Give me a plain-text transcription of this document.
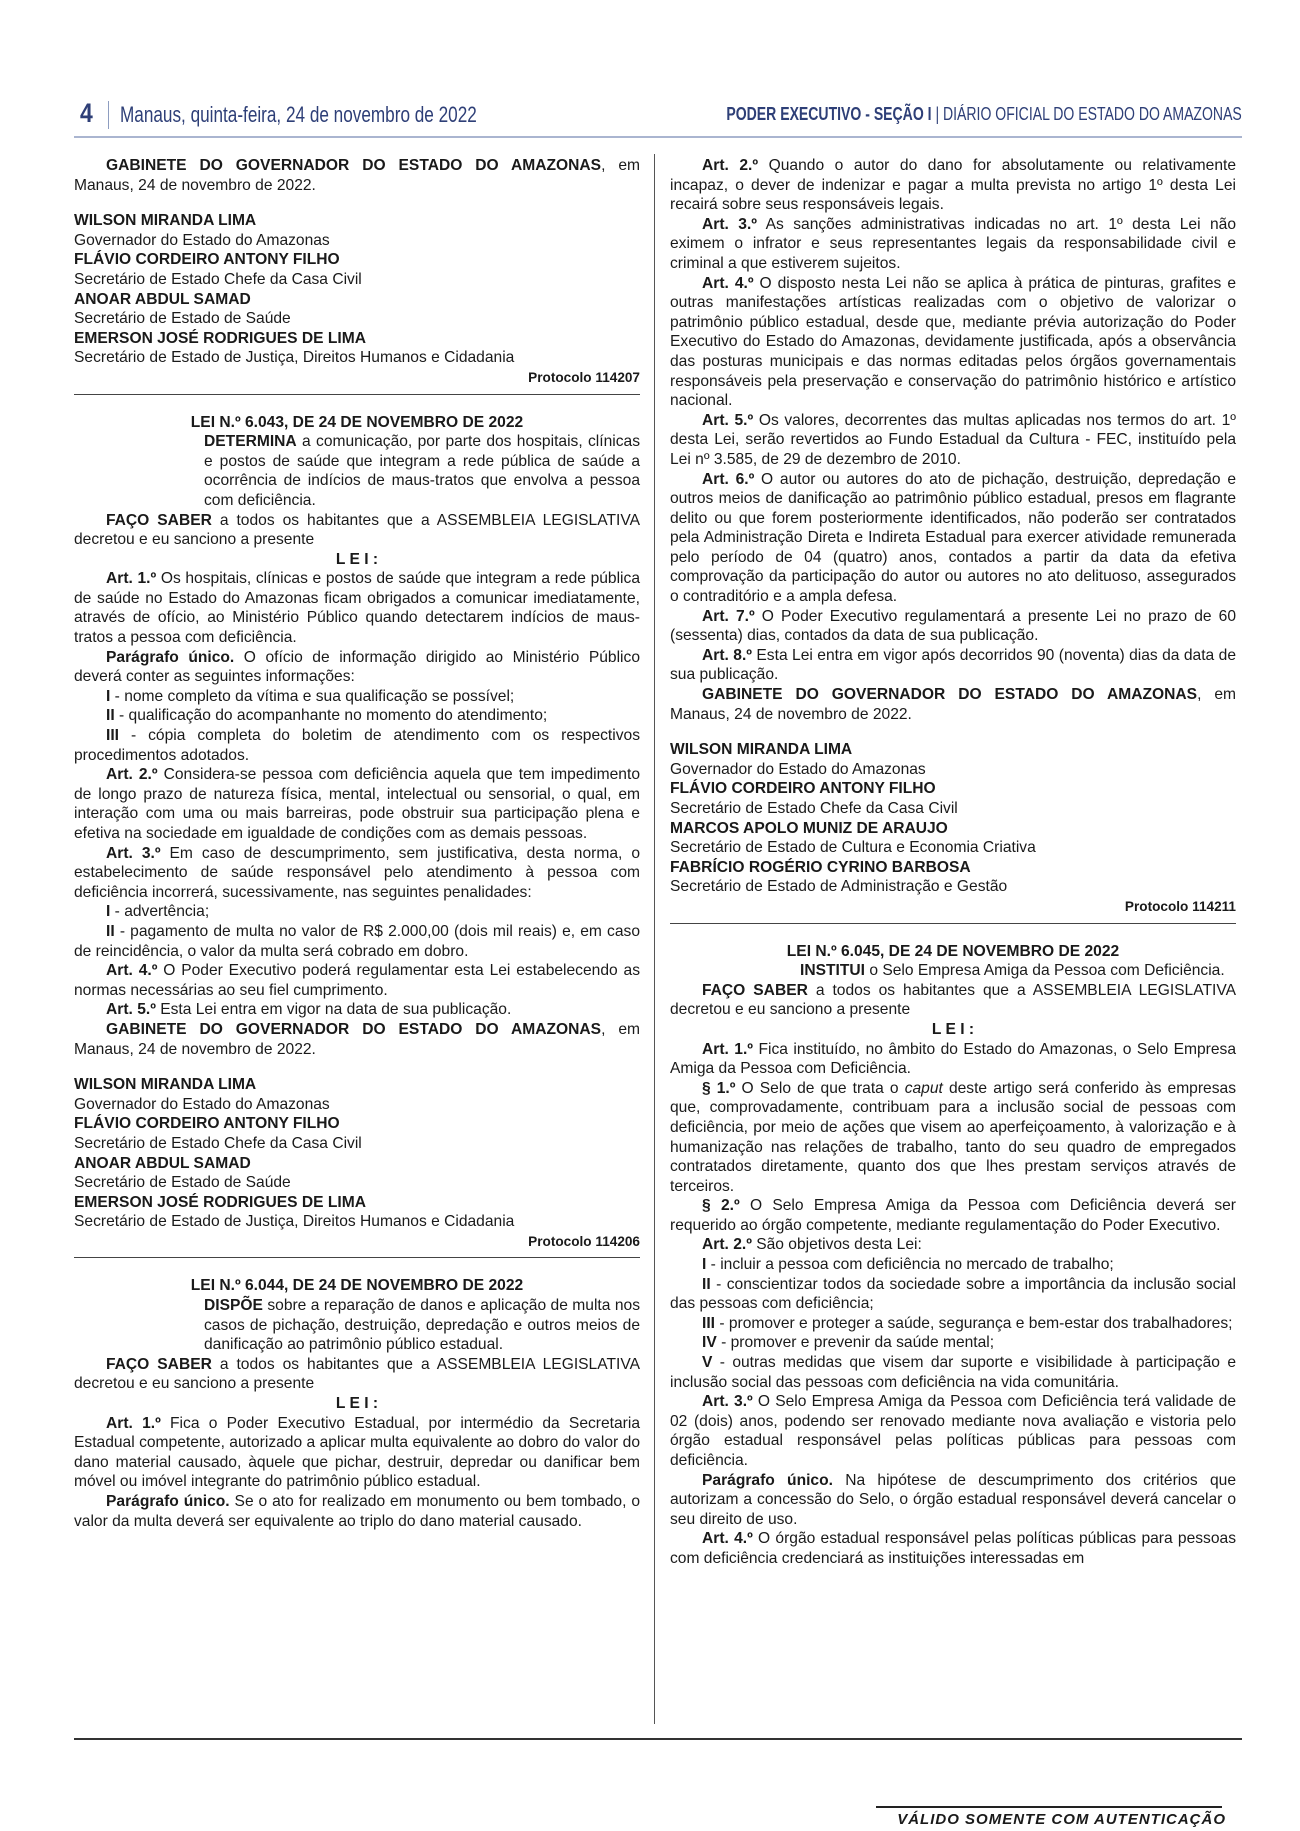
4 Manaus, quinta-feira, 24 de novembro de 2022	PODER EXECUTIVO - SEÇÃO I | DIÁRIO OFICIAL DO ESTADO DO AMAZONAS

GABINETE DO GOVERNADOR DO ESTADO DO AMAZONAS, em Manaus, 24 de novembro de 2022.

WILSON MIRANDA LIMA

Governador do Estado do Amazonas

FLÁVIO CORDEIRO ANTONY FILHO

Secretário de Estado Chefe da Casa Civil

ANOAR ABDUL SAMAD

Secretário de Estado de Saúde

EMERSON JOSÉ RODRIGUES DE LIMA

Secretário de Estado de Justiça, Direitos Humanos e Cidadania

Protocolo 114207

LEI N.º 6.043, DE 24 DE NOVEMBRO DE 2022

DETERMINA a comunicação, por parte dos hospitais, clínicas e postos de saúde que integram a rede pública de saúde a ocorrência de indícios de maus-tratos que envolva a pessoa com deficiência.

FAÇO SABER a todos os habitantes que a ASSEMBLEIA LEGISLATIVA decretou e eu sanciono a presente

L E I :

Art. 1.º Os hospitais, clínicas e postos de saúde que integram a rede pública de saúde no Estado do Amazonas ficam obrigados a comunicar imediatamente, através de ofício, ao Ministério Público quando detectarem indícios de maus-tratos a pessoa com deficiência.

Parágrafo único. O ofício de informação dirigido ao Ministério Público deverá conter as seguintes informações:

I - nome completo da vítima e sua qualificação se possível;

II - qualificação do acompanhante no momento do atendimento;

III - cópia completa do boletim de atendimento com os respectivos procedimentos adotados.

Art. 2.º Considera-se pessoa com deficiência aquela que tem impedimento de longo prazo de natureza física, mental, intelectual ou sensorial, o qual, em interação com uma ou mais barreiras, pode obstruir sua participação plena e efetiva na sociedade em igualdade de condições com as demais pessoas.

Art. 3.º Em caso de descumprimento, sem justificativa, desta norma, o estabelecimento de saúde responsável pelo atendimento à pessoa com deficiência incorrerá, sucessivamente, nas seguintes penalidades:

I - advertência;

II - pagamento de multa no valor de R$ 2.000,00 (dois mil reais) e, em caso de reincidência, o valor da multa será cobrado em dobro.

Art. 4.º O Poder Executivo poderá regulamentar esta Lei estabelecendo as normas necessárias ao seu fiel cumprimento.

Art. 5.º Esta Lei entra em vigor na data de sua publicação.

GABINETE DO GOVERNADOR DO ESTADO DO AMAZONAS, em Manaus, 24 de novembro de 2022.

WILSON MIRANDA LIMA

Governador do Estado do Amazonas

FLÁVIO CORDEIRO ANTONY FILHO

Secretário de Estado Chefe da Casa Civil

ANOAR ABDUL SAMAD

Secretário de Estado de Saúde

EMERSON JOSÉ RODRIGUES DE LIMA

Secretário de Estado de Justiça, Direitos Humanos e Cidadania

Protocolo 114206

LEI N.º 6.044, DE 24 DE NOVEMBRO DE 2022

DISPÕE sobre a reparação de danos e aplicação de multa nos casos de pichação, destruição, depredação e outros meios de danificação ao patrimônio público estadual.

FAÇO SABER a todos os habitantes que a ASSEMBLEIA LEGISLATIVA decretou e eu sanciono a presente

L E I :

Art. 1.º Fica o Poder Executivo Estadual, por intermédio da Secretaria Estadual competente, autorizado a aplicar multa equivalente ao dobro do valor do dano material causado, àquele que pichar, destruir, depredar ou danificar bem móvel ou imóvel integrante do patrimônio público estadual.

Parágrafo único. Se o ato for realizado em monumento ou bem tombado, o valor da multa deverá ser equivalente ao triplo do dano material causado.

Art. 2.º Quando o autor do dano for absolutamente ou relativamente incapaz, o dever de indenizar e pagar a multa prevista no artigo 1º desta Lei recairá sobre seus responsáveis legais.

Art. 3.º As sanções administrativas indicadas no art. 1º desta Lei não eximem o infrator e seus representantes legais da responsabilidade civil e criminal a que estiverem sujeitos.

Art. 4.º O disposto nesta Lei não se aplica à prática de pinturas, grafites e outras manifestações artísticas realizadas com o objetivo de valorizar o patrimônio público estadual, desde que, mediante prévia autorização do Poder Executivo do Estado do Amazonas, devidamente justificada, após a observância das posturas municipais e das normas editadas pelos órgãos governamentais responsáveis pela preservação e conservação do patrimônio histórico e artístico nacional.

Art. 5.º Os valores, decorrentes das multas aplicadas nos termos do art. 1º desta Lei, serão revertidos ao Fundo Estadual da Cultura - FEC, instituído pela Lei nº 3.585, de 29 de dezembro de 2010.

Art. 6.º O autor ou autores do ato de pichação, destruição, depredação e outros meios de danificação ao patrimônio público estadual, presos em flagrante delito ou que forem posteriormente identificados, não poderão ser contratados pela Administração Direta e Indireta Estadual para exercer atividade remunerada pelo período de 04 (quatro) anos, contados a partir da data da efetiva comprovação da participação do autor ou autores no ato delituoso, assegurados o contraditório e a ampla defesa.

Art. 7.º O Poder Executivo regulamentará a presente Lei no prazo de 60 (sessenta) dias, contados da data de sua publicação.

Art. 8.º Esta Lei entra em vigor após decorridos 90 (noventa) dias da data de sua publicação.

GABINETE DO GOVERNADOR DO ESTADO DO AMAZONAS, em Manaus, 24 de novembro de 2022.

WILSON MIRANDA LIMA

Governador do Estado do Amazonas

FLÁVIO CORDEIRO ANTONY FILHO

Secretário de Estado Chefe da Casa Civil

MARCOS APOLO MUNIZ DE ARAUJO

Secretário de Estado de Cultura e Economia Criativa

FABRÍCIO ROGÉRIO CYRINO BARBOSA

Secretário de Estado de Administração e Gestão

Protocolo 114211

LEI N.º 6.045, DE 24 DE NOVEMBRO DE 2022

INSTITUI o Selo Empresa Amiga da Pessoa com Deficiência.

FAÇO SABER a todos os habitantes que a ASSEMBLEIA LEGISLATIVA decretou e eu sanciono a presente

L E I :

Art. 1.º Fica instituído, no âmbito do Estado do Amazonas, o Selo Empresa Amiga da Pessoa com Deficiência.

§ 1.º O Selo de que trata o caput deste artigo será conferido às empresas que, comprovadamente, contribuam para a inclusão social de pessoas com deficiência, por meio de ações que visem ao aperfeiçoamento, à valorização e à humanização nas relações de trabalho, tanto do seu quadro de empregados contratados diretamente, quanto dos que lhes prestam serviços através de terceiros.

§ 2.º O Selo Empresa Amiga da Pessoa com Deficiência deverá ser requerido ao órgão competente, mediante regulamentação do Poder Executivo.

Art. 2.º São objetivos desta Lei:

I - incluir a pessoa com deficiência no mercado de trabalho;

II - conscientizar todos da sociedade sobre a importância da inclusão social das pessoas com deficiência;

III - promover e proteger a saúde, segurança e bem-estar dos trabalhadores;

IV - promover e prevenir da saúde mental;

V - outras medidas que visem dar suporte e visibilidade à participação e inclusão social das pessoas com deficiência na vida comunitária.

Art. 3.º O Selo Empresa Amiga da Pessoa com Deficiência terá validade de 02 (dois) anos, podendo ser renovado mediante nova avaliação e vistoria pelo órgão estadual responsável pelas políticas públicas para pessoas com deficiência.

Parágrafo único. Na hipótese de descumprimento dos critérios que autorizam a concessão do Selo, o órgão estadual responsável deverá cancelar o seu direito de uso.

Art. 4.º O órgão estadual responsável pelas políticas públicas para pessoas com deficiência credenciará as instituições interessadas em

VÁLIDO SOMENTE COM AUTENTICAÇÃO
